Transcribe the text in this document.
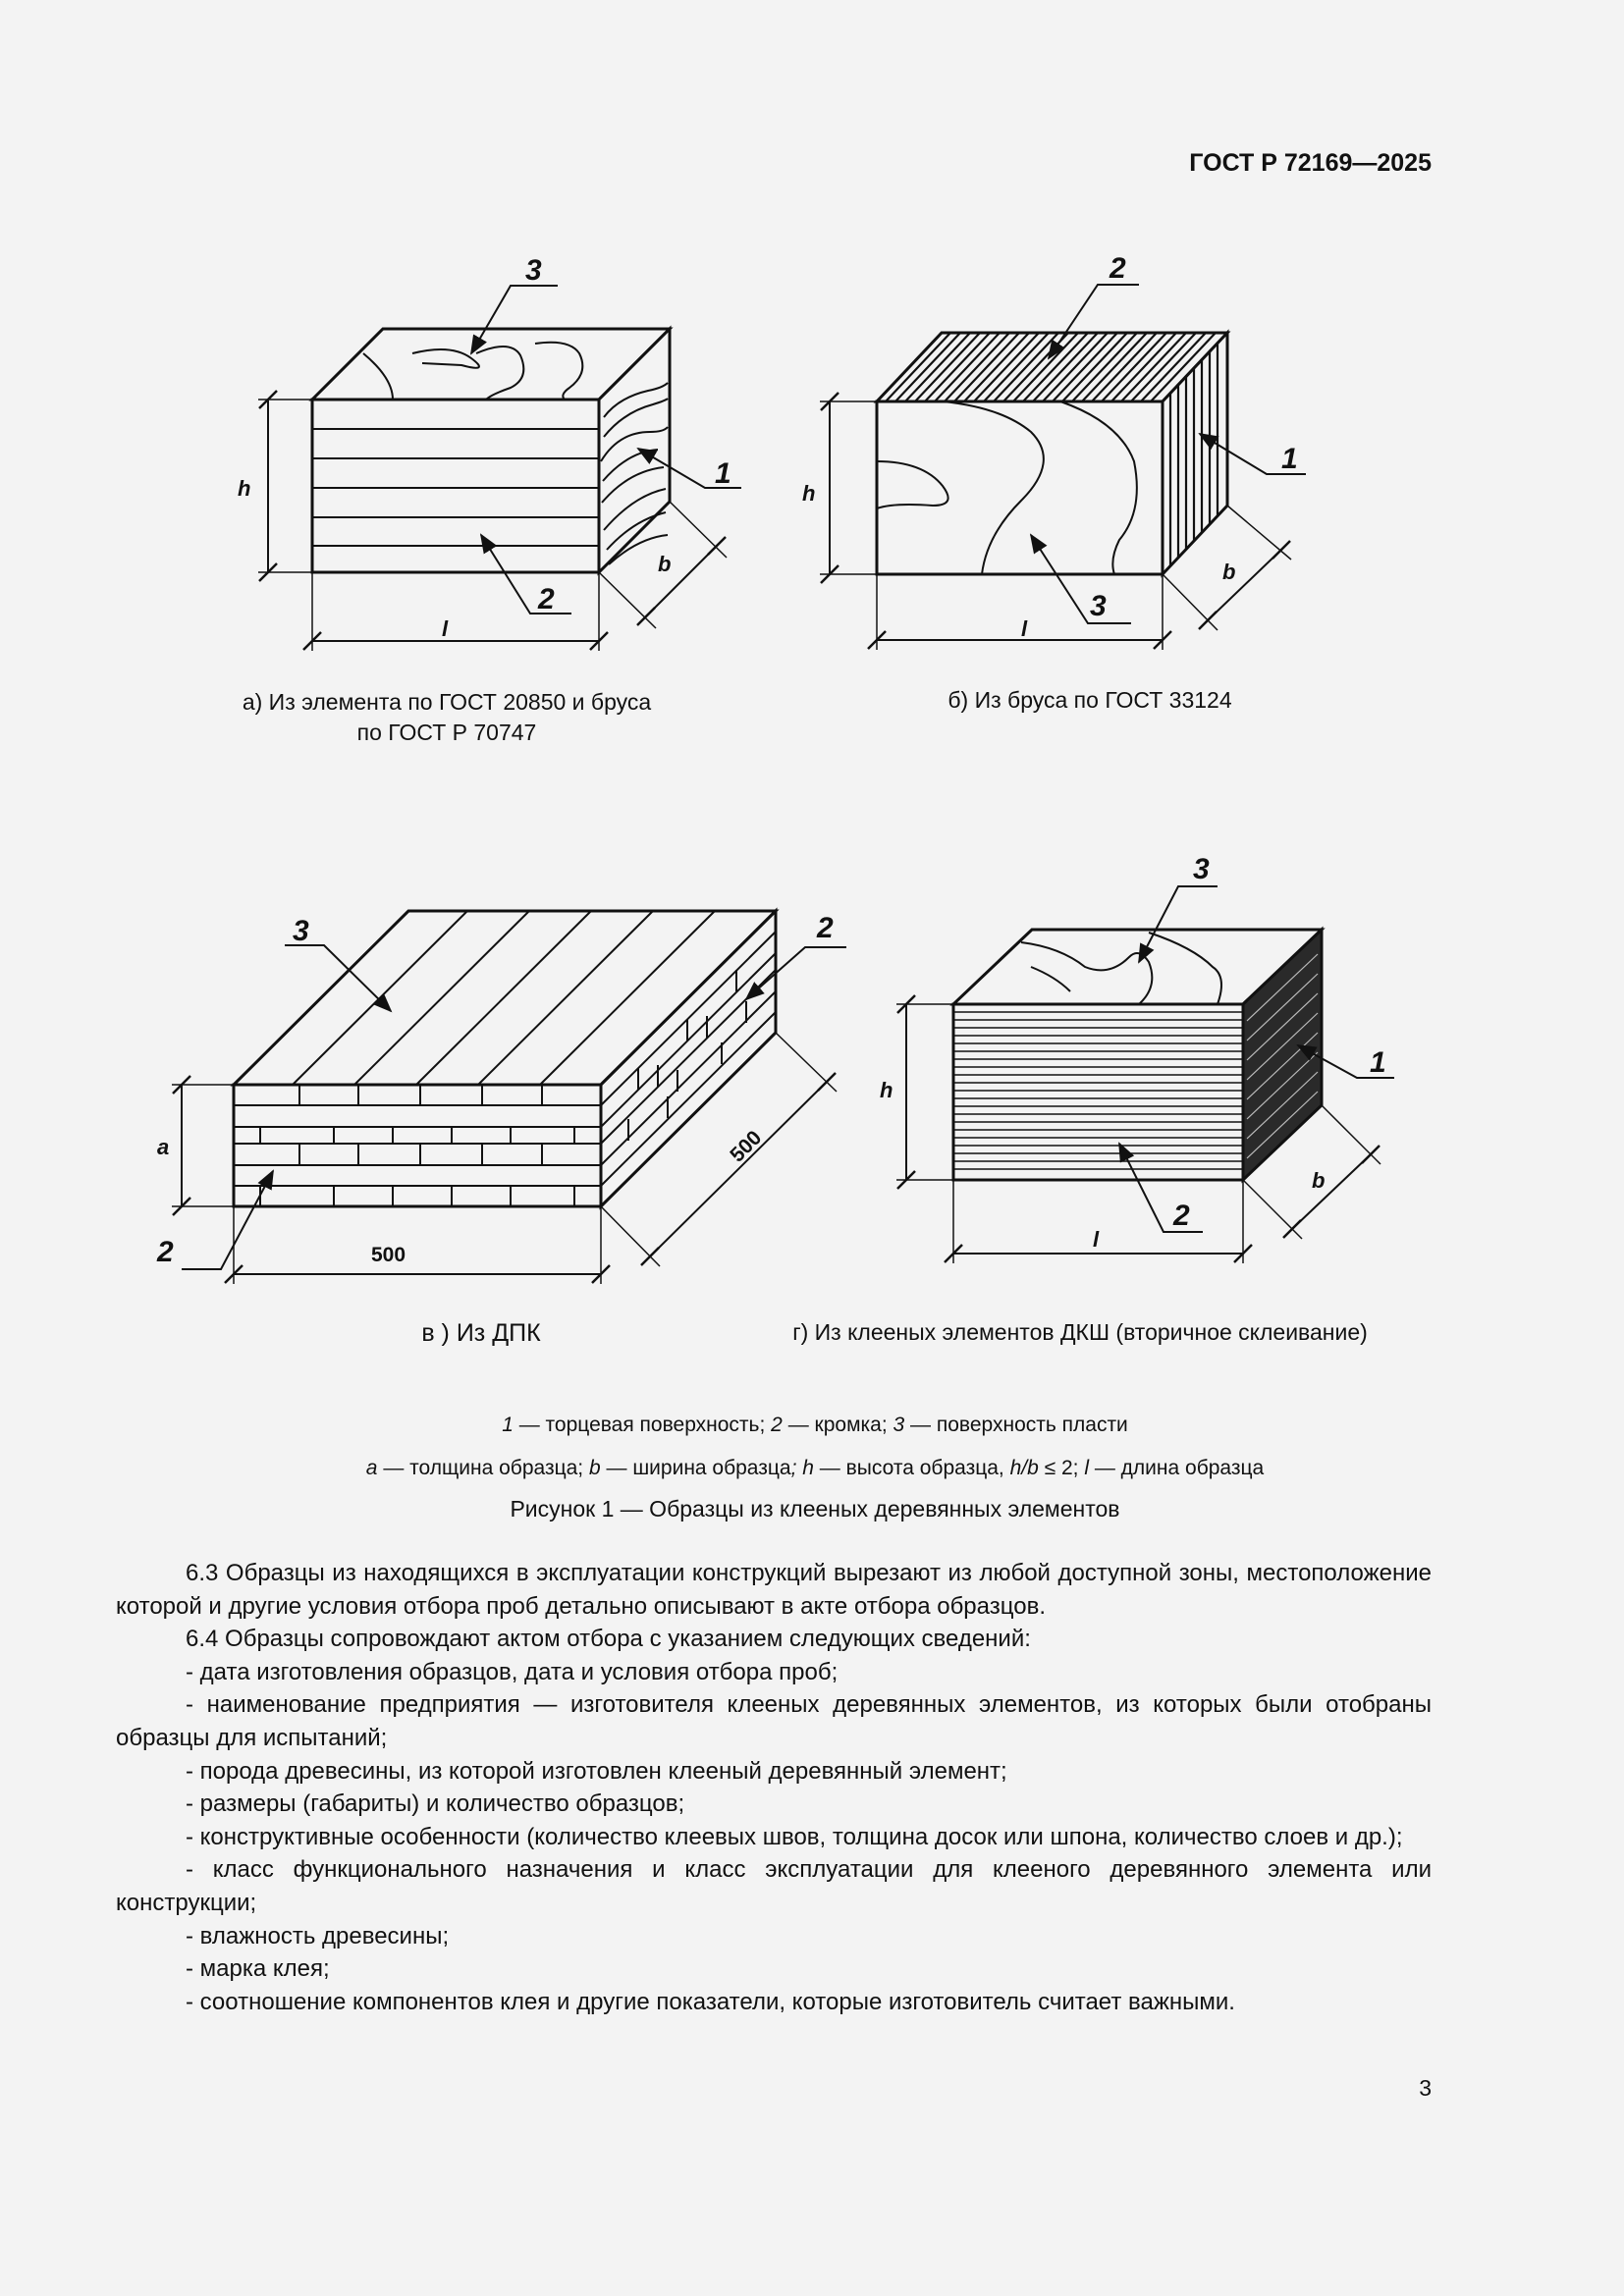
ГОСТ Р 72169—2025
3
1
2
h
l
b
2
1
3
h
l
b
3	2
2
a
500
500
3
1
2
h
l
b
а) Из элемента по ГОСТ 20850 и бруса
по ГОСТ Р 70747
б) Из бруса по ГОСТ 33124
в ) Из ДПК	г) Из клееных элементов ДКШ (вторичное склеивание)
1 — торцевая поверхность; 2 — кромка; 3 — поверхность пласти
a — толщина образца; b — ширина образца; h — высота образца, h/b ≤ 2; l — длина образца
Рисунок 1 — Образцы из клееных деревянных элементов

6.3 Образцы из находящихся в эксплуатации конструкций вырезают из любой доступной зоны, местоположение которой и другие условия отбора проб детально описывают в акте отбора образцов.

6.4 Образцы сопровождают актом отбора с указанием следующих сведений:

- дата изготовления образцов, дата и условия отбора проб;

- наименование предприятия — изготовителя клееных деревянных элементов, из которых были отобраны образцы для испытаний;

- порода древесины, из которой изготовлен клееный деревянный элемент;

- размеры (габариты) и количество образцов;

- конструктивные особенности (количество клеевых швов, толщина досок или шпона, количество слоев и др.);

- класс функционального назначения и класс эксплуатации для клееного деревянного элемента или конструкции;

- влажность древесины;

- марка клея;

- соотношение компонентов клея и другие показатели, которые изготовитель считает важными.

3
